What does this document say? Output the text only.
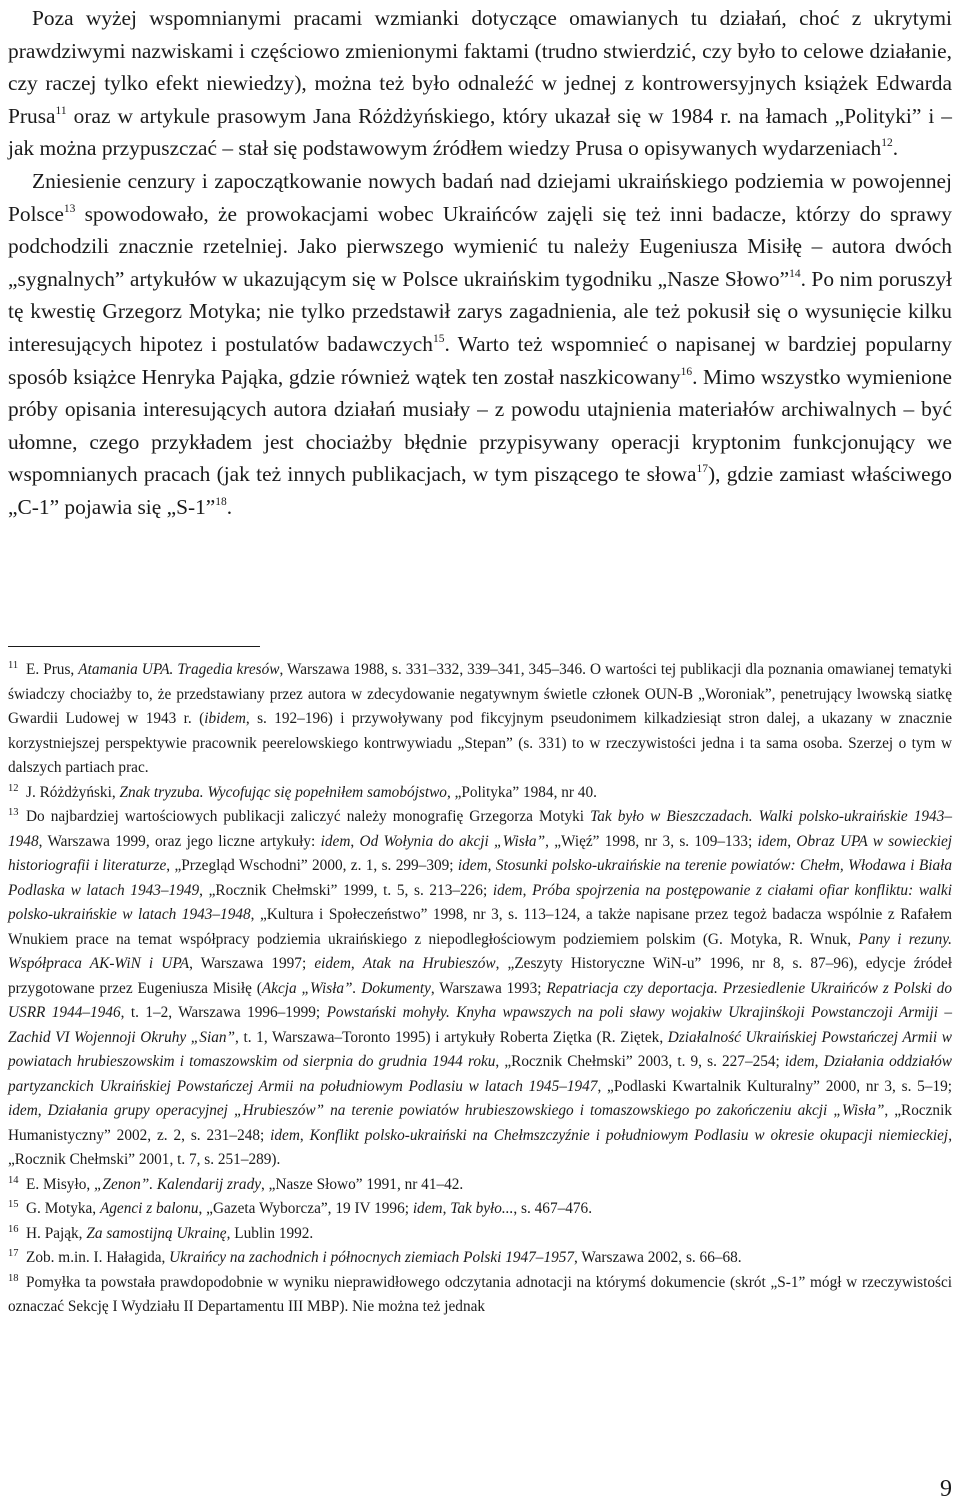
Poza wyżej wspomnianymi pracami wzmianki dotyczące omawianych tu działań, choć z ukrytymi prawdziwymi nazwiskami i częściowo zmienionymi faktami (trudno stwierdzić, czy było to celowe działanie, czy raczej tylko efekt niewiedzy), można też było odnaleźć w jednej z kontrowersyjnych książek Edwarda Prusa$^{11}$ oraz w artykule prasowym Jana Różdżyńskiego, który ukazał się w 1984 r. na łamach „Polityki” i – jak można przypuszczać – stał się podstawowym źródłem wiedzy Prusa o opisywanych wydarzeniach$^{12}$.

Zniesienie cenzury i zapoczątkowanie nowych badań nad dziejami ukraińskiego podziemia w powojennej Polsce$^{13}$ spowodowało, że prowokacjami wobec Ukraińców zajęli się też inni badacze, którzy do sprawy podchodzili znacznie rzetelniej. Jako pierwszego wymienić tu należy Eugeniusza Misiłę – autora dwóch „sygnalnych” artykułów w ukazującym się w Polsce ukraińskim tygodniku „Nasze Słowo”$^{14}$. Po nim poruszył tę kwestię Grzegorz Motyka; nie tylko przedstawił zarys zagadnienia, ale też pokusił się o wysunięcie kilku interesujących hipotez i postulatów badawczych$^{15}$. Warto też wspomnieć o napisanej w bardziej popularny sposób książce Henryka Pająka, gdzie również wątek ten został naszkicowany$^{16}$. Mimo wszystko wymienione próby opisania interesujących autora działań musiały – z powodu utajnienia materiałów archiwalnych – być ułomne, czego przykładem jest chociażby błędnie przypisywany operacji kryptonim funkcjonujący we wspomnianych pracach (jak też innych publikacjach, w tym piszącego te słowa$^{17}$), gdzie zamiast właściwego „C-1” pojawia się „S-1”$^{18}$.

11 E. Prus, Atamania UPA. Tragedia kresów, Warszawa 1988, s. 331–332, 339–341, 345–346. O wartości tej publikacji dla poznania omawianej tematyki świadczy chociażby to, że przedstawiany przez autora w zdecydowanie negatywnym świetle członek OUN-B „Woroniak”, penetrujący lwowską siatkę Gwardii Ludowej w 1943 r. (ibidem, s. 192–196) i przywoływany pod fikcyjnym pseudonimem kilkadziesiąt stron dalej, a ukazany w znacznie korzystniejszej perspektywie pracownik peerelowskiego kontrwywiadu „Stepan” (s. 331) to w rzeczywistości jedna i ta sama osoba. Szerzej o tym w dalszych partiach prac.

12 J. Różdżyński, Znak tryzuba. Wycofując się popełniłem samobójstwo, „Polityka” 1984, nr 40.

13 Do najbardziej wartościowych publikacji zaliczyć należy monografię Grzegorza Motyki Tak było w Bieszczadach. Walki polsko-ukraińskie 1943–1948, Warszawa 1999, oraz jego liczne artykuły: idem, Od Wołynia do akcji „Wisła”, „Więź” 1998, nr 3, s. 109–133; idem, Obraz UPA w sowieckiej historiografii i literaturze, „Przegląd Wschodni” 2000, z. 1, s. 299–309; idem, Stosunki polsko-ukraińskie na terenie powiatów: Chełm, Włodawa i Biała Podlaska w latach 1943–1949, „Rocznik Chełmski” 1999, t. 5, s. 213–226; idem, Próba spojrzenia na postępowanie z ciałami ofiar konfliktu: walki polsko-ukraińskie w latach 1943–1948, „Kultura i Społeczeństwo” 1998, nr 3, s. 113–124, a także napisane przez tegoż badacza wspólnie z Rafałem Wnukiem prace na temat współpracy podziemia ukraińskiego z niepodległościowym podziemiem polskim (G. Motyka, R. Wnuk, Pany i rezuny. Współpraca AK-WiN i UPA, Warszawa 1997; eidem, Atak na Hrubieszów, „Zeszyty Historyczne WiN-u” 1996, nr 8, s. 87–96), edycje źródeł przygotowane przez Eugeniusza Misiłę (Akcja „Wisła”. Dokumenty, Warszawa 1993; Repatriacja czy deportacja. Przesiedlenie Ukraińców z Polski do USRR 1944–1946, t. 1–2, Warszawa 1996–1999; Powstański mohyły. Knyha wpawszych na poli sławy wojakiw Ukrajinśkoji Powstanczoji Armiji – Zachid VI Wojennoji Okruhy „Sian”, t. 1, Warszawa–Toronto 1995) i artykuły Roberta Ziętka (R. Ziętek, Działalność Ukraińskiej Powstańczej Armii w powiatach hrubieszowskim i tomaszowskim od sierpnia do grudnia 1944 roku, „Rocznik Chełmski” 2003, t. 9, s. 227–254; idem, Działania oddziałów partyzanckich Ukraińskiej Powstańczej Armii na południowym Podlasiu w latach 1945–1947, „Podlaski Kwartalnik Kulturalny” 2000, nr 3, s. 5–19; idem, Działania grupy operacyjnej „Hrubieszów” na terenie powiatów hrubieszowskiego i tomaszowskiego po zakończeniu akcji „Wisła”, „Rocznik Humanistyczny” 2002, z. 2, s. 231–248; idem, Konflikt polsko-ukraiński na Chełmszczyźnie i południowym Podlasiu w okresie okupacji niemieckiej, „Rocznik Chełmski” 2001, t. 7, s. 251–289).

14 E. Misyło, „Zenon”. Kalendarij zrady, „Nasze Słowo” 1991, nr 41–42.

15 G. Motyka, Agenci z balonu, „Gazeta Wyborcza”, 19 IV 1996; idem, Tak było..., s. 467–476.

16 H. Pająk, Za samostijną Ukrainę, Lublin 1992.

17 Zob. m.in. I. Hałagida, Ukraińcy na zachodnich i północnych ziemiach Polski 1947–1957, Warszawa 2002, s. 66–68.

18 Pomyłka ta powstała prawdopodobnie w wyniku nieprawidłowego odczytania adnotacji na którymś dokumencie (skrót „S-1” mógł w rzeczywistości oznaczać Sekcję I Wydziału II Departamentu III MBP). Nie można też jednak

9
